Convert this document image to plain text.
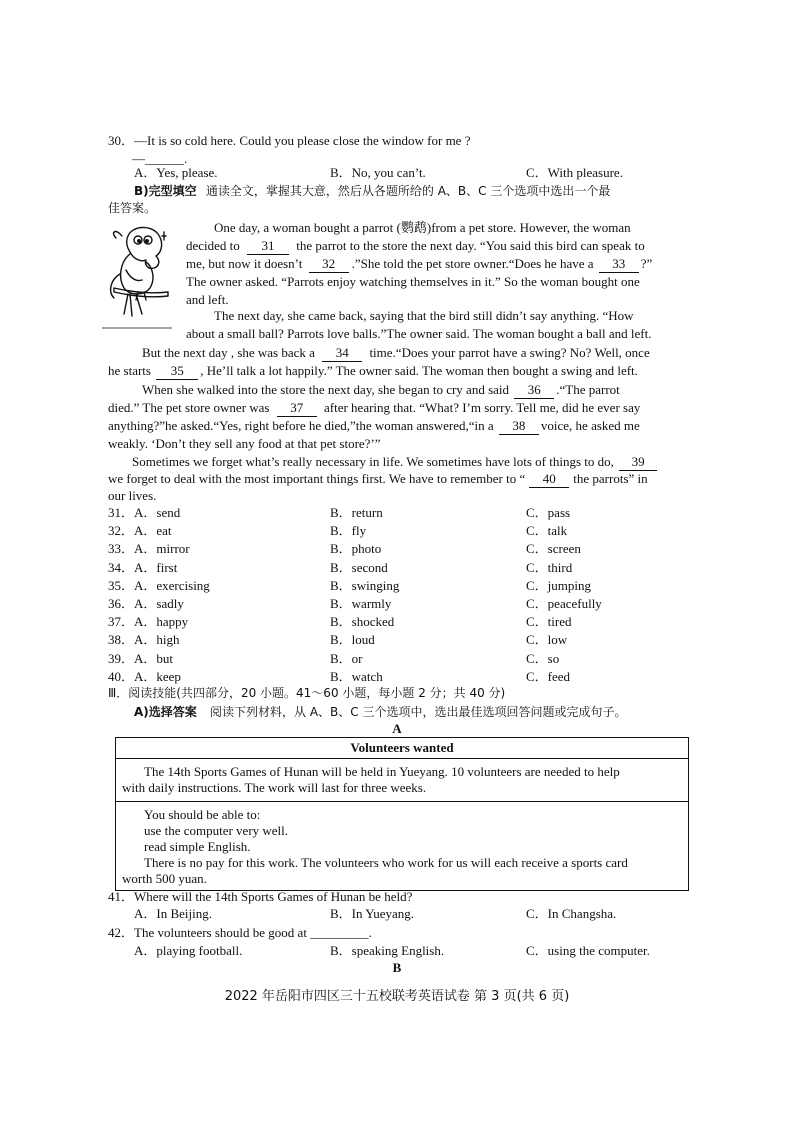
30．—It is so cold here. Could you please close the window for me ?
—______.
A．Yes, please.	B．No, you can’t.	C．With pleasure.
B)完型填空 通读全文，掌握其大意，然后从各题所给的 A、B、C 三个选项中选出一个最
佳答案。
One day, a woman bought a parrot (鹦鹉)from a pet store. However, the woman
decided to 31 the parrot to the store the next day. “You said this bird can speak to
me, but now it doesn’t 32 .”She told the pet store owner.“Does he have a 33 ?”
The owner asked. “Parrots enjoy watching themselves in it.” So the woman bought one
and left.
The next day, she came back, saying that the bird still didn’t say anything. “How
about a small ball? Parrots love balls.”The owner said. The woman bought a ball and left.
But the next day , she was back a 34 time.“Does your parrot have a swing? No? Well, once
he starts 35 , He’ll talk a lot happily.” The owner said. The woman then bought a swing and left.
When she walked into the store the next day, she began to cry and said 36 .“The parrot
died.” The pet store owner was 37 after hearing that. “What? I’m sorry. Tell me, did he ever say
anything?”he asked.“Yes, right before he died,”the woman answered,“in a 38 voice, he asked me
weakly. ‘Don’t they sell any food at that pet store?’”
Sometimes we forget what’s really necessary in life. We sometimes have lots of things to do, 39
we forget to deal with the most important things first. We have to remember to “ 40 the parrots” in
our lives.
31． A．send	B．return	C．pass
32． A．eat	B．fly	C．talk
33． A．mirror	B．photo	C．screen
34． A．first	B．second	C．third
35． A．exercising	B．swinging	C．jumping
36． A．sadly	B．warmly	C．peacefully
37． A．happy	B．shocked	C．tired
38． A．high	B．loud	C．low
39． A．but	B．or	C．so
40． A．keep	B．watch	C．feed
Ⅲ．阅读技能(共四部分，20 小题。41～60 小题，每小题 2 分；共 40 分)
A)选择答案 阅读下列材料，从 A、B、C 三个选项中，选出最佳选项回答问题或完成句子。
A
Volunteers wanted

The 14th Sports Games of Hunan will be held in Yueyang. 10 volunteers are needed to help
with daily instructions. The work will last for three weeks.

You should be able to:
use the computer very well.
read simple English.
There is no pay for this work. The volunteers who work for us will each receive a sports card
worth 500 yuan.
41．Where will the 14th Sports Games of Hunan be held?
A．In Beijing.	B．In Yueyang.	C．In Changsha.
42．The volunteers should be good at _________.
A．playing football.	B．speaking English.	C．using the computer.
B
2022 年岳阳市四区三十五校联考英语试卷 第 3 页(共 6 页)
